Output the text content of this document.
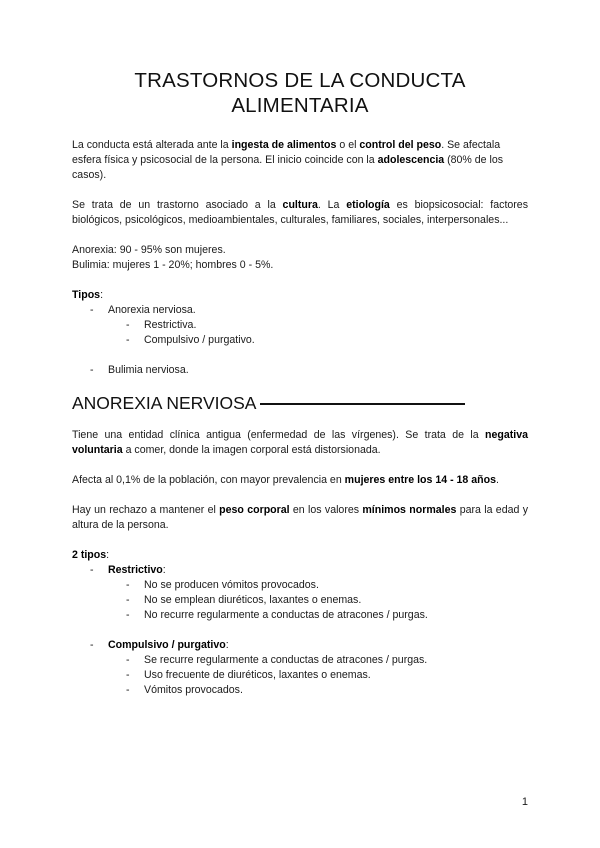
TRASTORNOS DE LA CONDUCTA
ALIMENTARIA

La conducta está alterada ante la ingesta de alimentos o el control del peso. Se afectala esfera física y psicosocial de la persona. El inicio coincide con la adolescencia (80% de los casos).

Se trata de un trastorno asociado a la cultura. La etiología es biopsicosocial: factores biológicos, psicológicos, medioambientales, culturales, familiares, sociales, interpersonales...

Anorexia: 90 - 95% son mujeres.

Bulimia: mujeres 1 - 20%; hombres 0 - 5%.

Tipos:

- Anorexia nerviosa.
- Restrictiva.
- Compulsivo / purgativo.
- Bulimia nerviosa.
ANOREXIA NERVIOSA

Tiene una entidad clínica antigua (enfermedad de las vírgenes). Se trata de la negativa voluntaria a comer, donde la imagen corporal está distorsionada.

Afecta al 0,1% de la población, con mayor prevalencia en mujeres entre los 14 - 18 años.

Hay un rechazo a mantener el peso corporal en los valores mínimos normales para la edad y altura de la persona.

2 tipos:

- Restrictivo:
- No se producen vómitos provocados.
- No se emplean diuréticos, laxantes o enemas.
- No recurre regularmente a conductas de atracones / purgas.
- Compulsivo / purgativo:
- Se recurre regularmente a conductas de atracones / purgas.
- Uso frecuente de diuréticos, laxantes o enemas.
- Vómitos provocados.
1
